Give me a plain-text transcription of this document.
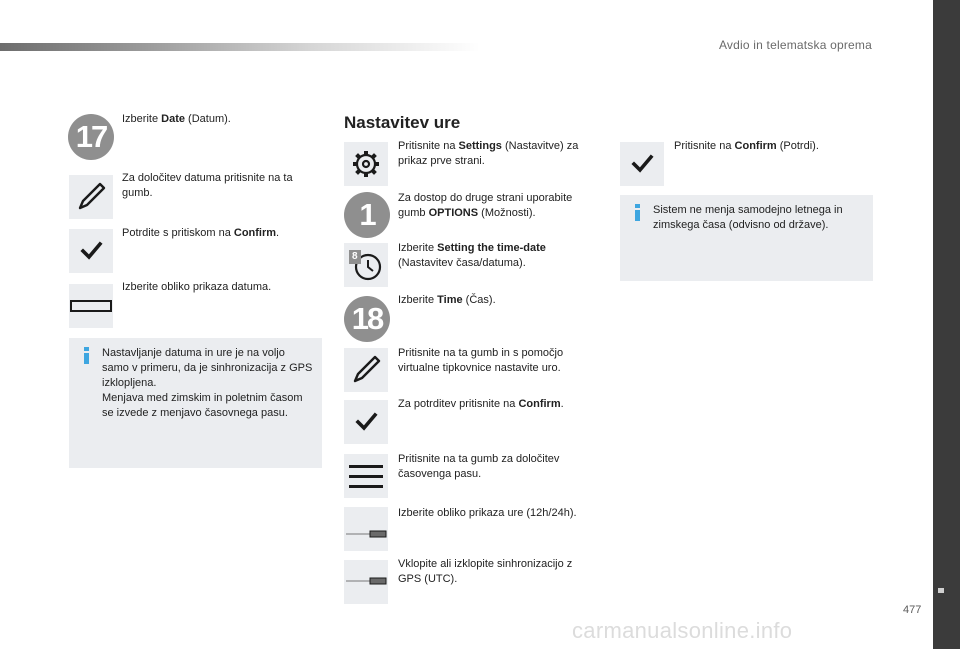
Avdio in telematska oprema
17	Izberite Date (Datum).
Za določitev datuma pritisnite na ta gumb.
Potrdite s pritiskom na Confirm.
Izberite obliko prikaza datuma.
Nastavljanje datuma in ure je na voljo samo v primeru, da je sinhronizacija z GPS izklopljena.
Menjava med zimskim in poletnim časom se izvede z menjavo časovnega pasu.
Nastavitev ure
Pritisnite na Settings (Nastavitve) za prikaz prve strani.
1	Za dostop do druge strani uporabite gumb OPTIONS (Možnosti).
8
Izberite Setting the time-date (Nastavitev časa/datuma).
18
Izberite Time (Čas).
Pritisnite na ta gumb in s pomočjo virtualne tipkovnice nastavite uro.
Za potrditev pritisnite na Confirm.
Pritisnite na ta gumb za določitev časovenga pasu.
Izberite obliko prikaza ure (12h/24h).
Vklopite ali izklopite sinhronizacijo z GPS (UTC).
Pritisnite na Confirm (Potrdi).
Sistem ne menja samodejno letnega in zimskega časa (odvisno od države).
477
carmanualsonline.info
